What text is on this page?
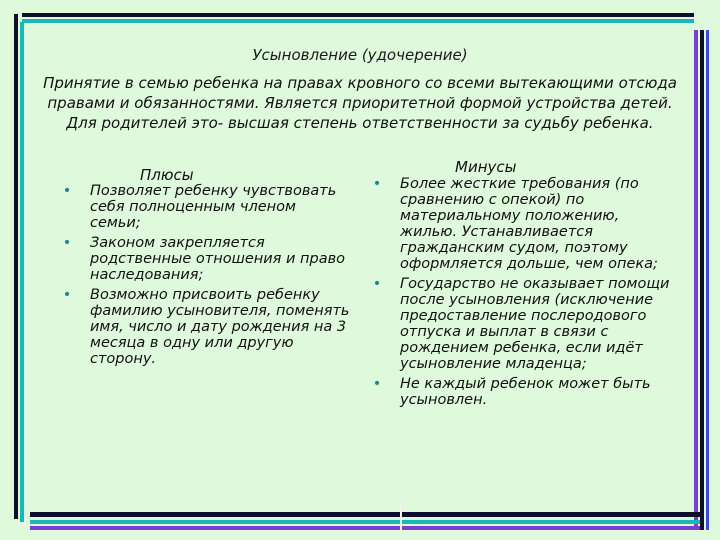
Усыновление (удочерение)
Принятие в семью ребенка на правах кровного со всеми вытекающими отсюда правами и обязанностями. Является приоритетной формой устройства детей. Для родителей это- высшая степень ответственности за судьбу ребенка.
Плюсы
• Позволяет ребенку чувствовать себя полноценным членом семьи;
• Законом закрепляется родственные отношения и право наследования;
• Возможно присвоить ребенку фамилию усыновителя, поменять имя, число и дату рождения на 3 месяца в одну или другую сторону.
Минусы
• Более жесткие требования (по сравнению с опекой) по материальному положению, жилью. Устанавливается гражданским судом, поэтому оформляется дольше, чем опека;
• Государство не оказывает помощи после усыновления (исключение предоставление послеродового отпуска и выплат в связи с рождением ребенка, если идёт усыновление младенца;
• Не каждый ребенок может быть усыновлен.
